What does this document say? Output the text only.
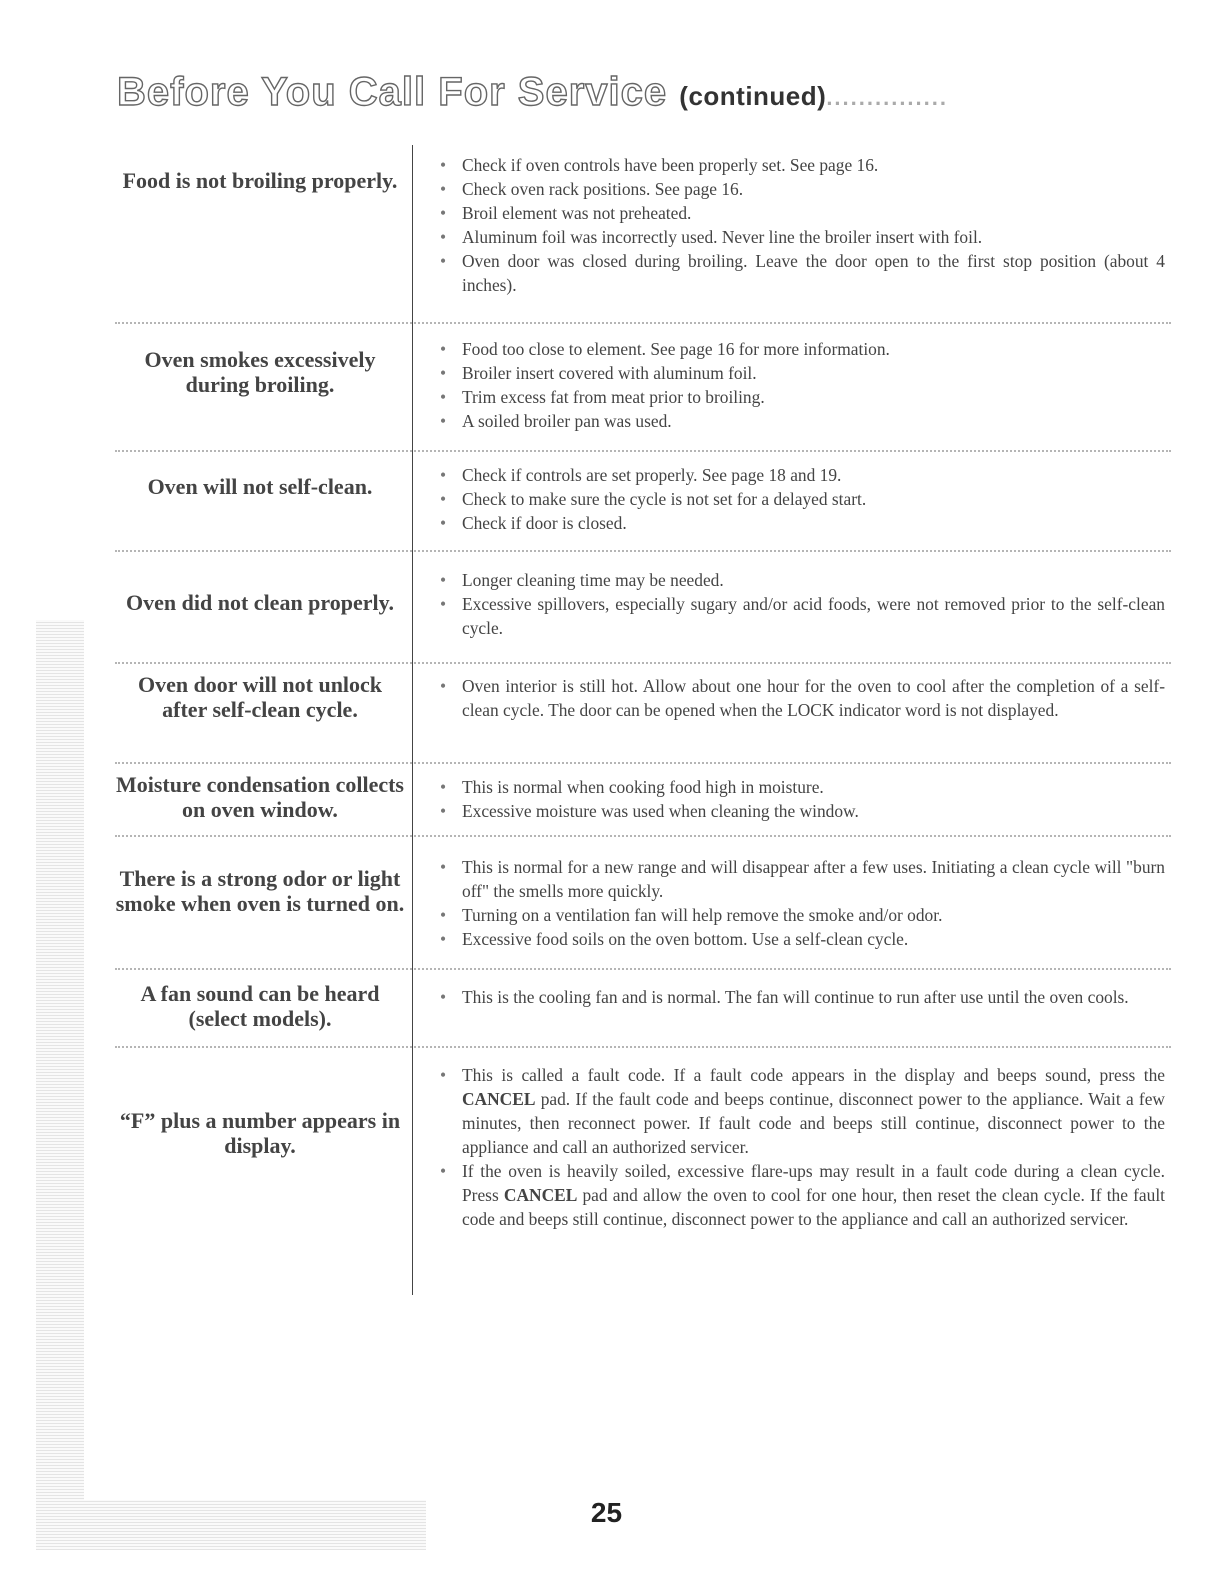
Before You Call For Service (continued)...............

Food is not broiling properly.

• Check if oven controls have been properly set. See page 16.
• Check oven rack positions. See page 16.
• Broil element was not preheated.
• Aluminum foil was incorrectly used. Never line the broiler insert with foil.
• Oven door was closed during broiling. Leave the door open to the first stop position (about 4 inches).

Oven smokes excessively during broiling.

• Food too close to element. See page 16 for more information.
• Broiler insert covered with aluminum foil.
• Trim excess fat from meat prior to broiling.
• A soiled broiler pan was used.

Oven will not self-clean.

•	Check if controls are set properly. See page 18 and 19.
• Check to make sure the cycle is not set for a delayed start.
• Check if door is closed.

Oven did not clean properly.

• Longer cleaning time may be needed.
• Excessive spillovers, especially sugary and/or acid foods, were not removed prior to the self-clean cycle.

Oven door will not unlock after self-clean cycle.

• Oven interior is still hot. Allow about one hour for the oven to cool after the completion of a self-clean cycle. The door can be opened when the LOCK indicator word is not displayed.

Moisture condensation collects on oven window.

• This is normal when cooking food high in moisture.
• Excessive moisture was used when cleaning the window.

There is a strong odor or light smoke when oven is turned on.

• This is normal for a new range and will disappear after a few uses. Initiating a clean cycle will "burn off" the smells more quickly.
• Turning on a ventilation fan will help remove the smoke and/or odor.
• Excessive food soils on the oven bottom. Use a self-clean cycle.

A fan sound can be heard (select models).

• This is the cooling fan and is normal. The fan will continue to run after use until the oven cools.

“F” plus a number appears in display.

• This is called a fault code. If a fault code appears in the display and beeps sound, press the CANCEL pad. If the fault code and beeps continue, disconnect power to the appliance. Wait a few minutes, then reconnect power. If fault code and beeps still continue, disconnect power to the appliance and call an authorized servicer.
• If the oven is heavily soiled, excessive flare-ups may result in a fault code during a clean cycle. Press CANCEL pad and allow the oven to cool for one hour, then reset the clean cycle. If the fault code and beeps still continue, disconnect power to the appliance and call an authorized servicer.
25
